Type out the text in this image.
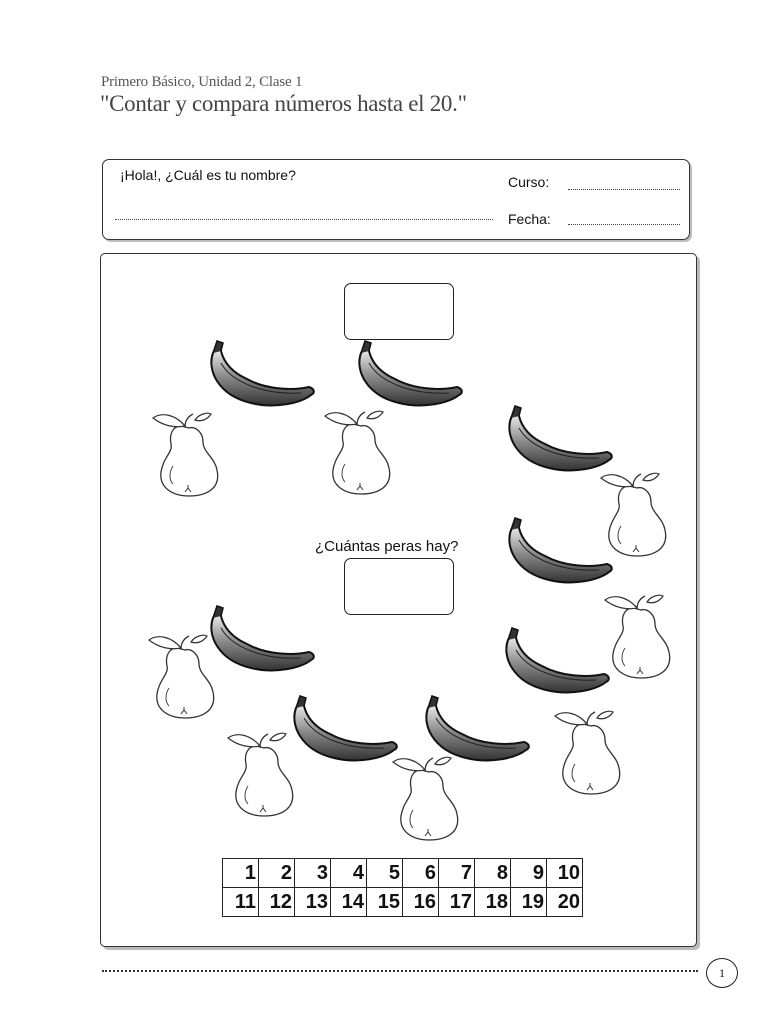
Primero Básico, Unidad 2, Clase 1
"Contar y compara números hasta el 20."
¡Hola!, ¿Cuál es tu nombre?	Curso:
Fecha:
¿Cuántas peras hay?
1	2	3	4	5	6	7	8	9	10
11	12	13	14	15	16	17	18	19	20
1
